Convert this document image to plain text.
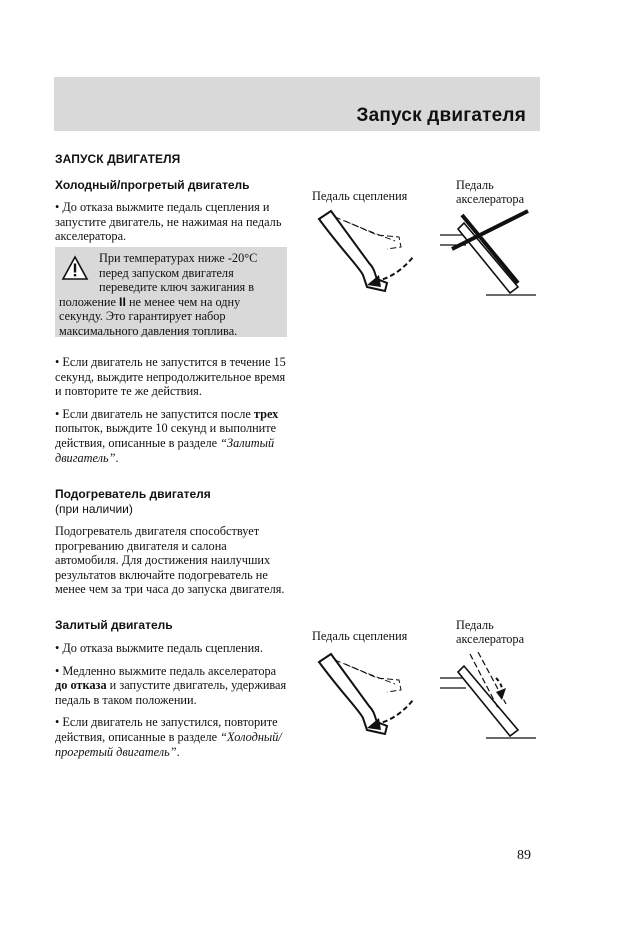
Запуск двигателя
ЗАПУСК ДВИГАТЕЛЯ
Холодный/прогретый двигатель

• До отказа выжмите педаль сцепления и запустите двигатель, не нажимая на педаль акселератора.

При температурах ниже -20°C перед запуском двигателя переведите ключ зажигания в
положение II не менее чем на одну секунду. Это гарантирует набор максимального давления топлива.

• Если двигатель не запустится в течение 15 секунд, выждите непродолжительное время и повторите те же действия.

• Если двигатель не запустится после трех попыток, выждите 10 секунд и выполните действия, описанные в разделе “Залитый двигатель”.

Подогреватель двигателя
(при наличии)

Подогреватель двигателя способствует прогреванию двигателя и салона автомобиля. Для достижения наилучших результатов включайте подогреватель не менее чем за три часа до запуска двигателя.

Залитый двигатель

• До отказа выжмите педаль сцепления.

• Медленно выжмите педаль акселератора до отказа и запустите двигатель, удерживая педаль в таком положении.

• Если двигатель не запустился, повторите действия, описанные в разделе “Холодный/прогретый двигатель”.

Педаль сцепления
Педаль акселератора
Педаль сцепления
Педаль акселератора
89
